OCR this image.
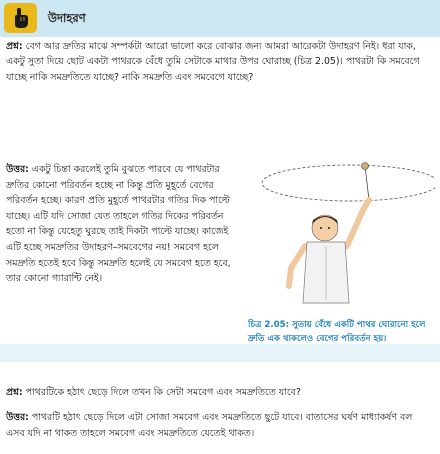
উদাহরণ

প্রশ্ন: বেগ আর দ্রুতির মাঝে সম্পর্কটা আরো ভালো করে বোঝার জন্য আমরা আরেকটা উদাহরণ নিই। ধরা যাক, একটু সুতা দিয়ে ছোট একটা পাথরকে বেঁধে তুমি সেটাকে মাথার উপর ঘোরাচ্ছ (চিত্র 2.05)। পাথরটা কি সমবেগে যাচ্ছে নাকি সমদ্রুতিতে যাচ্ছে? নাকি সমদ্রুতি এবং সমবেগে যাচ্ছে?

উত্তর: একটু চিন্তা করলেই তুমি বুঝতে পারবে যে পাথরটার দ্রুতির কোনো পরিবর্তন হচ্ছে না কিন্তু প্রতি মুহূর্তে বেগের পরিবর্তন হচ্ছে। কারণ প্রতি মুহূর্তে পাথরটার গতির দিক পাল্টে যাচ্ছে। এটি যদি সোজা যেত তাহলে গতির দিকের পরিবর্তন হতো না কিন্তু যেহেতু ঘুরছে তাই দিকটা পাল্টে যাচ্ছে। কাজেই এটি হচ্ছে সমদ্রুতির উদাহরণ–সমবেগের নয়! সমবেগ হলে সমদ্রুতি হতেই হবে কিন্তু সমদ্রুতি হলেই যে সমবেগ হতে হবে, তার কোনো গ্যারান্টি নেই।

চিত্র 2.05: সুতায় বেঁধে একটি পাথর ঘোরানো হলে দ্রুতি এক থাকলেও বেগের পরিবর্তন হয়।

প্রশ্ন: পাথরটিকে হঠাৎ ছেড়ে দিলে তখন কি সেটা সমবেগ এবং সমদ্রুতিতে যাবে?

উত্তর: পাথরটি হঠাৎ ছেড়ে দিলে এটা সোজা সমবেগ এবং সমদ্রুতিতে ছুটে যাবে। বাতাসের ঘর্ষণ মাধ্যাকর্ষণ বল এসব যদি না থাকত তাহলে সমবেগ এবং সমদ্রুতিতে যেতেই থাকত।
